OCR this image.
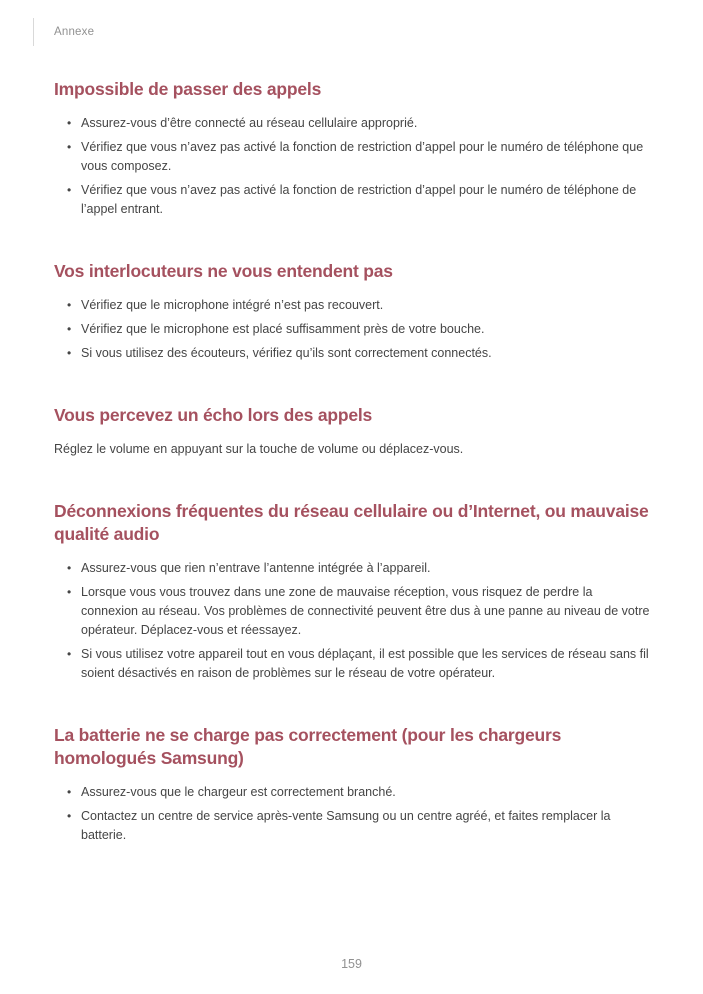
Annexe
Impossible de passer des appels
• Assurez-vous d’être connecté au réseau cellulaire approprié.
• Vérifiez que vous n’avez pas activé la fonction de restriction d’appel pour le numéro de téléphone que vous composez.
• Vérifiez que vous n’avez pas activé la fonction de restriction d’appel pour le numéro de téléphone de l’appel entrant.
Vos interlocuteurs ne vous entendent pas
• Vérifiez que le microphone intégré n’est pas recouvert.
• Vérifiez que le microphone est placé suffisamment près de votre bouche.
• Si vous utilisez des écouteurs, vérifiez qu’ils sont correctement connectés.
Vous percevez un écho lors des appels

Réglez le volume en appuyant sur la touche de volume ou déplacez-vous.

Déconnexions fréquentes du réseau cellulaire ou d’Internet, ou mauvaise qualité audio
• Assurez-vous que rien n’entrave l’antenne intégrée à l’appareil.
• Lorsque vous vous trouvez dans une zone de mauvaise réception, vous risquez de perdre la connexion au réseau. Vos problèmes de connectivité peuvent être dus à une panne au niveau de votre opérateur. Déplacez-vous et réessayez.
• Si vous utilisez votre appareil tout en vous déplaçant, il est possible que les services de réseau sans fil soient désactivés en raison de problèmes sur le réseau de votre opérateur.
La batterie ne se charge pas correctement (pour les chargeurs homologués Samsung)
• Assurez-vous que le chargeur est correctement branché.
• Contactez un centre de service après-vente Samsung ou un centre agréé, et faites remplacer la batterie.
159
